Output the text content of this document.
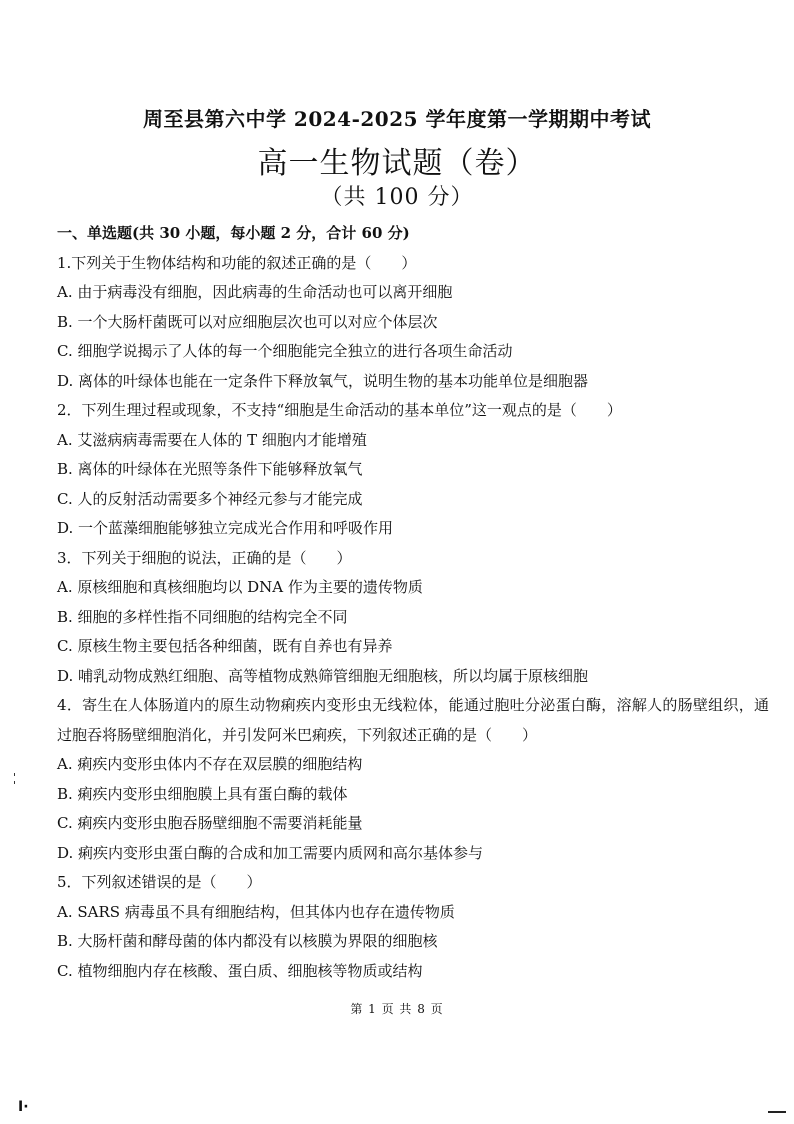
周至县第六中学 2024-2025 学年度第一学期期中考试
高一生物试题（卷）
（共 100 分）
一、单选题(共 30 小题，每小题 2 分，合计 60 分)
1.下列关于生物体结构和功能的叙述正确的是（　　）
A. 由于病毒没有细胞，因此病毒的生命活动也可以离开细胞
B. 一个大肠杆菌既可以对应细胞层次也可以对应个体层次
C. 细胞学说揭示了人体的每一个细胞能完全独立的进行各项生命活动
D. 离体的叶绿体也能在一定条件下释放氧气，说明生物的基本功能单位是细胞器
2．下列生理过程或现象，不支持“细胞是生命活动的基本单位”这一观点的是（　　）
A. 艾滋病病毒需要在人体的 T 细胞内才能增殖
B. 离体的叶绿体在光照等条件下能够释放氧气
C. 人的反射活动需要多个神经元参与才能完成
D. 一个蓝藻细胞能够独立完成光合作用和呼吸作用
3．下列关于细胞的说法，正确的是（　　）
A. 原核细胞和真核细胞均以 DNA 作为主要的遗传物质
B. 细胞的多样性指不同细胞的结构完全不同
C. 原核生物主要包括各种细菌，既有自养也有异养
D. 哺乳动物成熟红细胞、高等植物成熟筛管细胞无细胞核，所以均属于原核细胞
4．寄生在人体肠道内的原生动物痢疾内变形虫无线粒体，能通过胞吐分泌蛋白酶，溶解人的肠壁组织，通过胞吞将肠壁细胞消化，并引发阿米巴痢疾，下列叙述正确的是（　　）
A. 痢疾内变形虫体内不存在双层膜的细胞结构
B. 痢疾内变形虫细胞膜上具有蛋白酶的载体
C. 痢疾内变形虫胞吞肠壁细胞不需要消耗能量
D. 痢疾内变形虫蛋白酶的合成和加工需要内质网和高尔基体参与
5．下列叙述错误的是（　　）
A. SARS 病毒虽不具有细胞结构，但其体内也存在遗传物质
B. 大肠杆菌和酵母菌的体内都没有以核膜为界限的细胞核
C. 植物细胞内存在核酸、蛋白质、细胞核等物质或结构
第 1 页 共 8 页
I·
